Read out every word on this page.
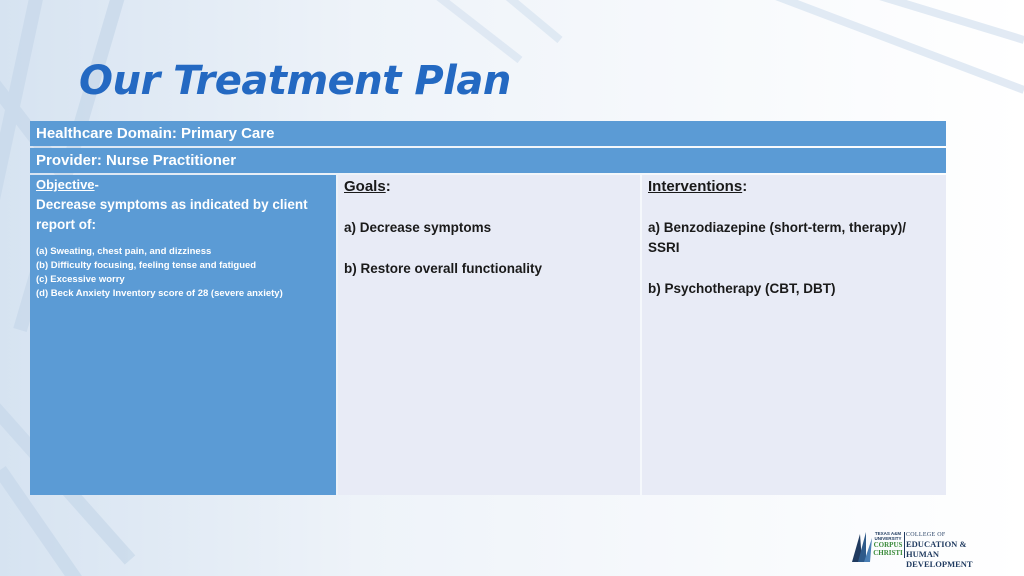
Our Treatment Plan
Healthcare Domain: Primary Care
Provider: Nurse Practitioner
Objective-
Decrease symptoms as indicated by client report of:
(a) Sweating, chest pain, and dizziness
(b) Difficulty focusing, feeling tense and fatigued
(c) Excessive worry
(d) Beck Anxiety Inventory score of 28 (severe anxiety)
Goals:
a) Decrease symptoms
b) Restore overall functionality
Interventions:
a) Benzodiazepine (short-term, therapy)/ SSRI
b) Psychotherapy (CBT, DBT)
TEXAS A&M
UNIVERSITY
CORPUS
CHRISTI
COLLEGE OF
EDUCATION &
HUMAN DEVELOPMENT
